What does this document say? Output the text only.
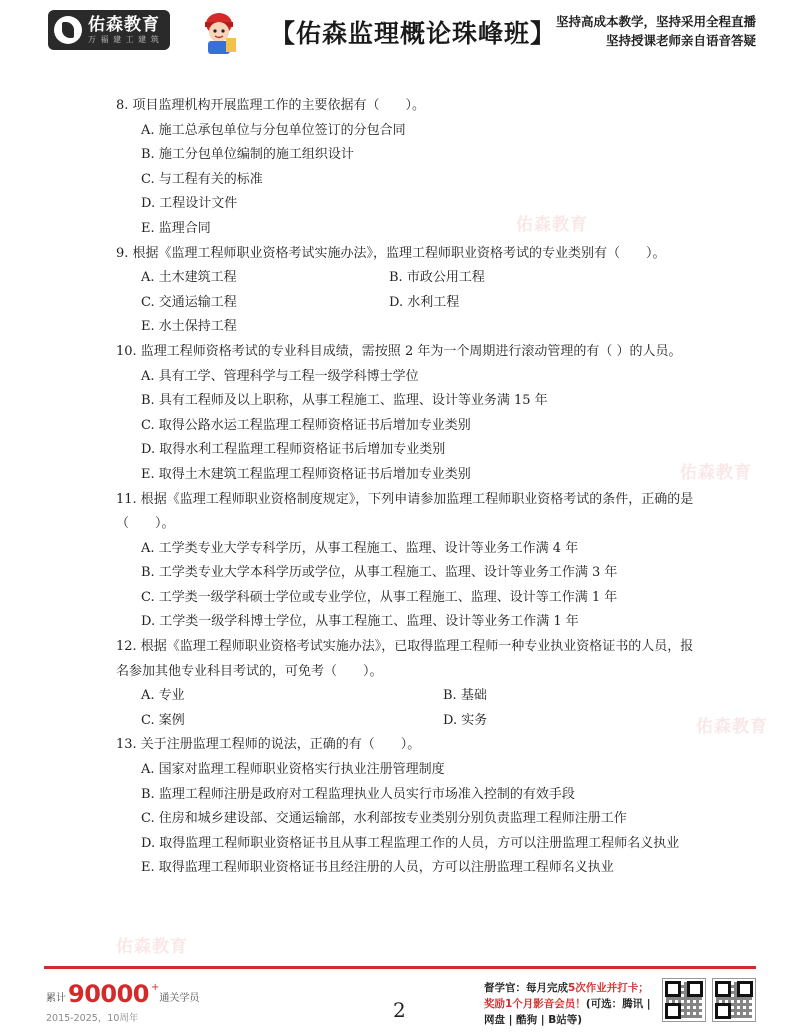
佑森教育
万 福 建 工 建 筑	【佑森监理概论珠峰班】 坚持高成本教学，坚持采用全程直播
坚持授课老师亲自语音答疑
佑森教育
佑森教育
佑森教育
佑森教育
8. 项目监理机构开展监理工作的主要依据有（　　）。
A. 施工总承包单位与分包单位签订的分包合同
B. 施工分包单位编制的施工组织设计
C. 与工程有关的标准
D. 工程设计文件
E. 监理合同
9. 根据《监理工程师职业资格考试实施办法》，监理工程师职业资格考试的专业类别有（　　）。
A. 土木建筑工程	B. 市政公用工程
C. 交通运输工程	D. 水利工程
E. 水土保持工程
10. 监理工程师资格考试的专业科目成绩，需按照 2 年为一个周期进行滚动管理的有（ ）的人员。
A. 具有工学、管理科学与工程一级学科博士学位
B. 具有工程师及以上职称，从事工程施工、监理、设计等业务满 15 年
C. 取得公路水运工程监理工程师资格证书后增加专业类别
D. 取得水利工程监理工程师资格证书后增加专业类别
E. 取得土木建筑工程监理工程师资格证书后增加专业类别
11. 根据《监理工程师职业资格制度规定》，下列申请参加监理工程师职业资格考试的条件，正确的是（　　）。
A. 工学类专业大学专科学历，从事工程施工、监理、设计等业务工作满 4 年
B. 工学类专业大学本科学历或学位，从事工程施工、监理、设计等业务工作满 3 年
C. 工学类一级学科硕士学位或专业学位，从事工程施工、监理、设计等工作满 1 年
D. 工学类一级学科博士学位，从事工程施工、监理、设计等业务工作满 1 年
12. 根据《监理工程师职业资格考试实施办法》，已取得监理工程师一种专业执业资格证书的人员，报名参加其他专业科目考试的，可免考（　　）。
A. 专业	B. 基础
C. 案例	D. 实务
13. 关于注册监理工程师的说法，正确的有（　　）。
A. 国家对监理工程师职业资格实行执业注册管理制度
B. 监理工程师注册是政府对工程监理执业人员实行市场准入控制的有效手段
C. 住房和城乡建设部、交通运输部，水利部按专业类别分别负责监理工程师注册工作
D. 取得监理工程师职业资格证书且从事工程监理工作的人员，方可以注册监理工程师名义执业
E. 取得监理工程师职业资格证书且经注册的人员，方可以注册监理工程师名义执业
累计 90000 +
通关学员
2015-2025，10周年	2
督学官：每月完成5次作业并打卡；
奖励1个月影音会员！(可选：腾讯 |
网盘 | 酷狗 | B站等)
